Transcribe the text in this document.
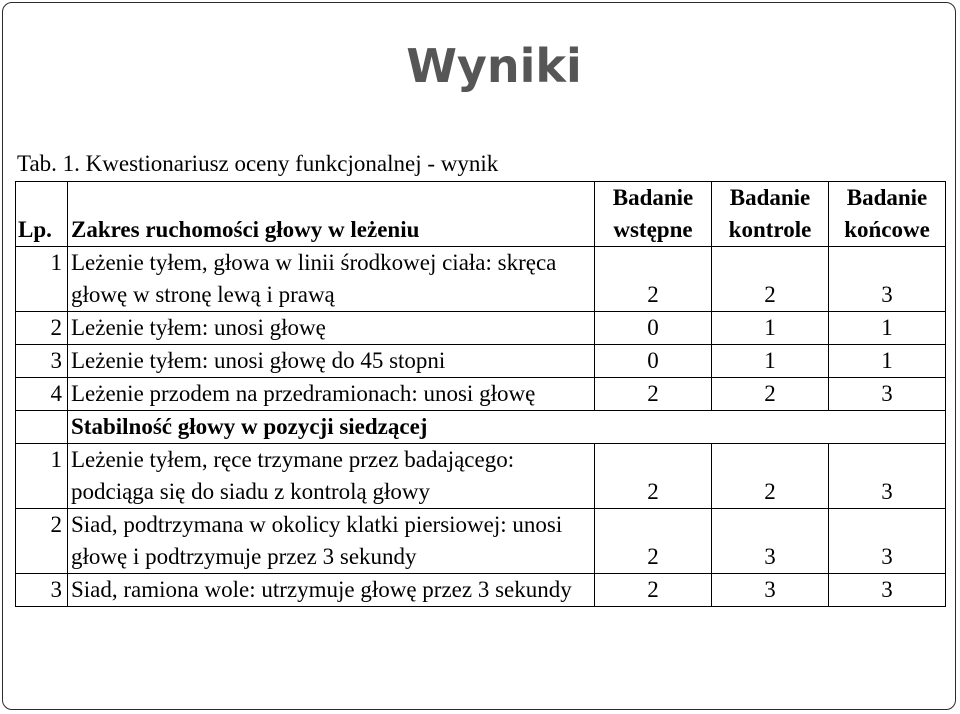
Wyniki
Tab. 1. Kwestionariusz oceny funkcjonalnej - wynik
Lp.	Zakres ruchomości głowy w leżeniu	Badanie wstępne	Badanie kontrole	Badanie końcowe
1	Leżenie tyłem, głowa w linii środkowej ciała: skręca głowę w stronę lewą i prawą	2	2	3
2	Leżenie tyłem: unosi głowę	0	1	1
3	Leżenie tyłem: unosi głowę do 45 stopni	0	1	1
4	Leżenie przodem na przedramionach: unosi głowę	2	2	3
	Stabilność głowy w pozycji siedzącej			
1	Leżenie tyłem, ręce trzymane przez badającego: podciąga się do siadu z kontrolą głowy	2	2	3
2	Siad, podtrzymana w okolicy klatki piersiowej: unosi głowę i podtrzymuje przez 3 sekundy	2	3	3
3	Siad, ramiona wole: utrzymuje głowę przez 3 sekundy	2	3	3
